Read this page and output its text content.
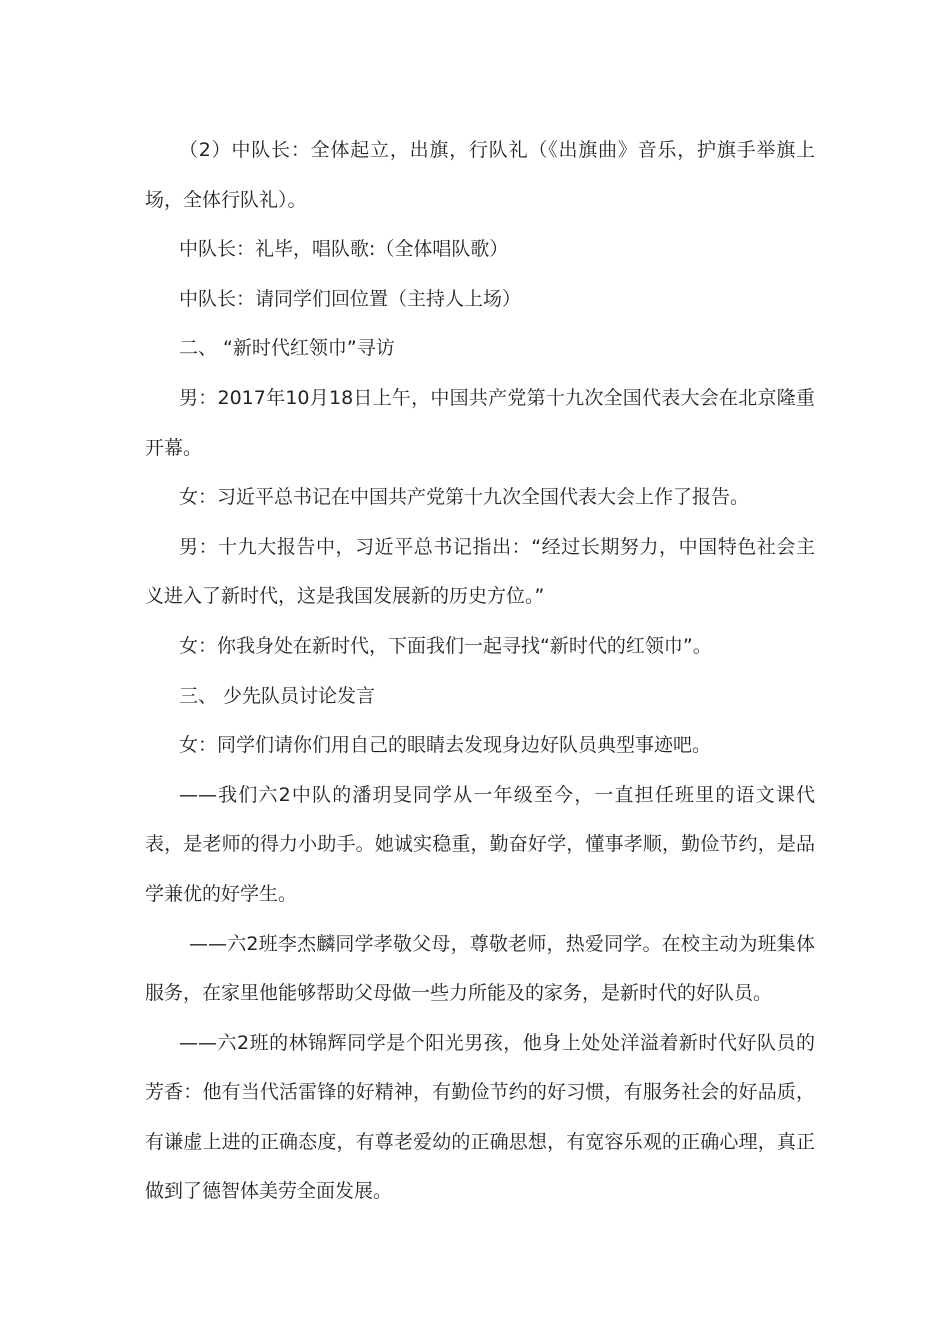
（2）中队长：全体起立，出旗，行队礼（《出旗曲》音乐，护旗手举旗上场，全体行队礼）。

中队长：礼毕，唱队歌:（全体唱队歌）

中队长：请同学们回位置（主持人上场）

二、 “新时代红领巾”寻访

男：2017年10月18日上午，中国共产党第十九次全国代表大会在北京隆重开幕。

女：习近平总书记在中国共产党第十九次全国代表大会上作了报告。

男：十九大报告中，习近平总书记指出：“经过长期努力，中国特色社会主义进入了新时代，这是我国发展新的历史方位。”

女：你我身处在新时代，下面我们一起寻找“新时代的红领巾”。

三、 少先队员讨论发言

女：同学们请你们用自己的眼睛去发现身边好队员典型事迹吧。

——我们六2中队的潘玥旻同学从一年级至今，一直担任班里的语文课代表，是老师的得力小助手。她诚实稳重，勤奋好学，懂事孝顺，勤俭节约，是品学兼优的好学生。

——六2班李杰麟同学孝敬父母，尊敬老师，热爱同学。在校主动为班集体服务，在家里他能够帮助父母做一些力所能及的家务，是新时代的好队员。

——六2班的林锦辉同学是个阳光男孩，他身上处处洋溢着新时代好队员的芳香：他有当代活雷锋的好精神，有勤俭节约的好习惯，有服务社会的好品质，有谦虚上进的正确态度，有尊老爱幼的正确思想，有宽容乐观的正确心理，真正做到了德智体美劳全面发展。
